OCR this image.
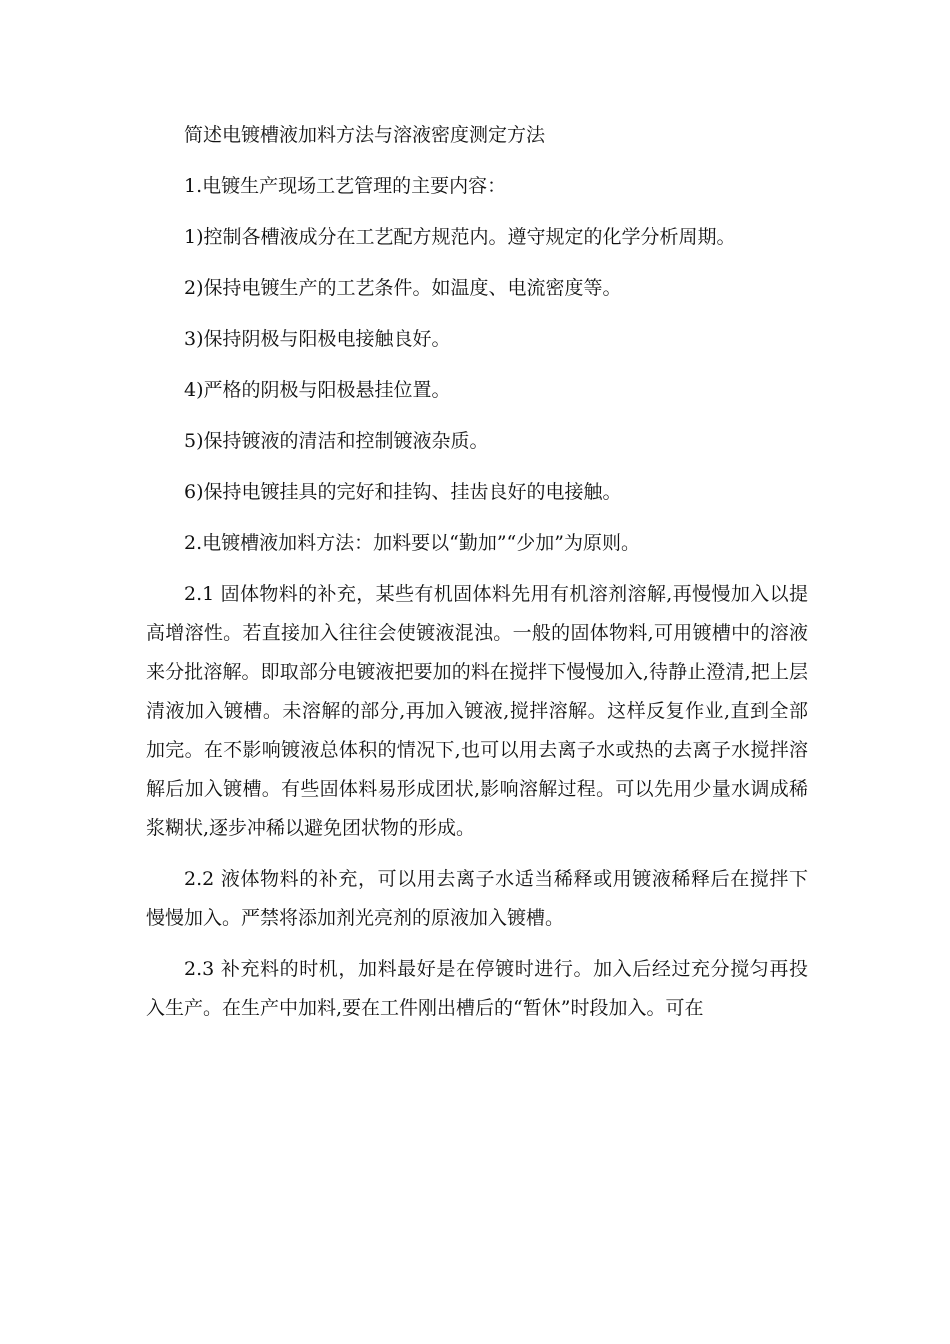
简述电镀槽液加料方法与溶液密度测定方法

1.电镀生产现场工艺管理的主要内容：

1)控制各槽液成分在工艺配方规范内。遵守规定的化学分析周期。

2)保持电镀生产的工艺条件。如温度、电流密度等。

3)保持阴极与阳极电接触良好。

4)严格的阴极与阳极悬挂位置。

5)保持镀液的清洁和控制镀液杂质。

6)保持电镀挂具的完好和挂钩、挂齿良好的电接触。

2.电镀槽液加料方法：加料要以“勤加”“少加”为原则。

2.1 固体物料的补充，某些有机固体料先用有机溶剂溶解,再慢慢加入以提高增溶性。若直接加入往往会使镀液混浊。一般的固体物料,可用镀槽中的溶液来分批溶解。即取部分电镀液把要加的料在搅拌下慢慢加入,待静止澄清,把上层清液加入镀槽。未溶解的部分,再加入镀液,搅拌溶解。这样反复作业,直到全部加完。在不影响镀液总体积的情况下,也可以用去离子水或热的去离子水搅拌溶解后加入镀槽。有些固体料易形成团状,影响溶解过程。可以先用少量水调成稀浆糊状,逐步冲稀以避免团状物的形成。

2.2 液体物料的补充，可以用去离子水适当稀释或用镀液稀释后在搅拌下慢慢加入。严禁将添加剂光亮剂的原液加入镀槽。

2.3 补充料的时机，加料最好是在停镀时进行。加入后经过充分搅匀再投入生产。在生产中加料,要在工件刚出槽后的“暂休”时段加入。可在
